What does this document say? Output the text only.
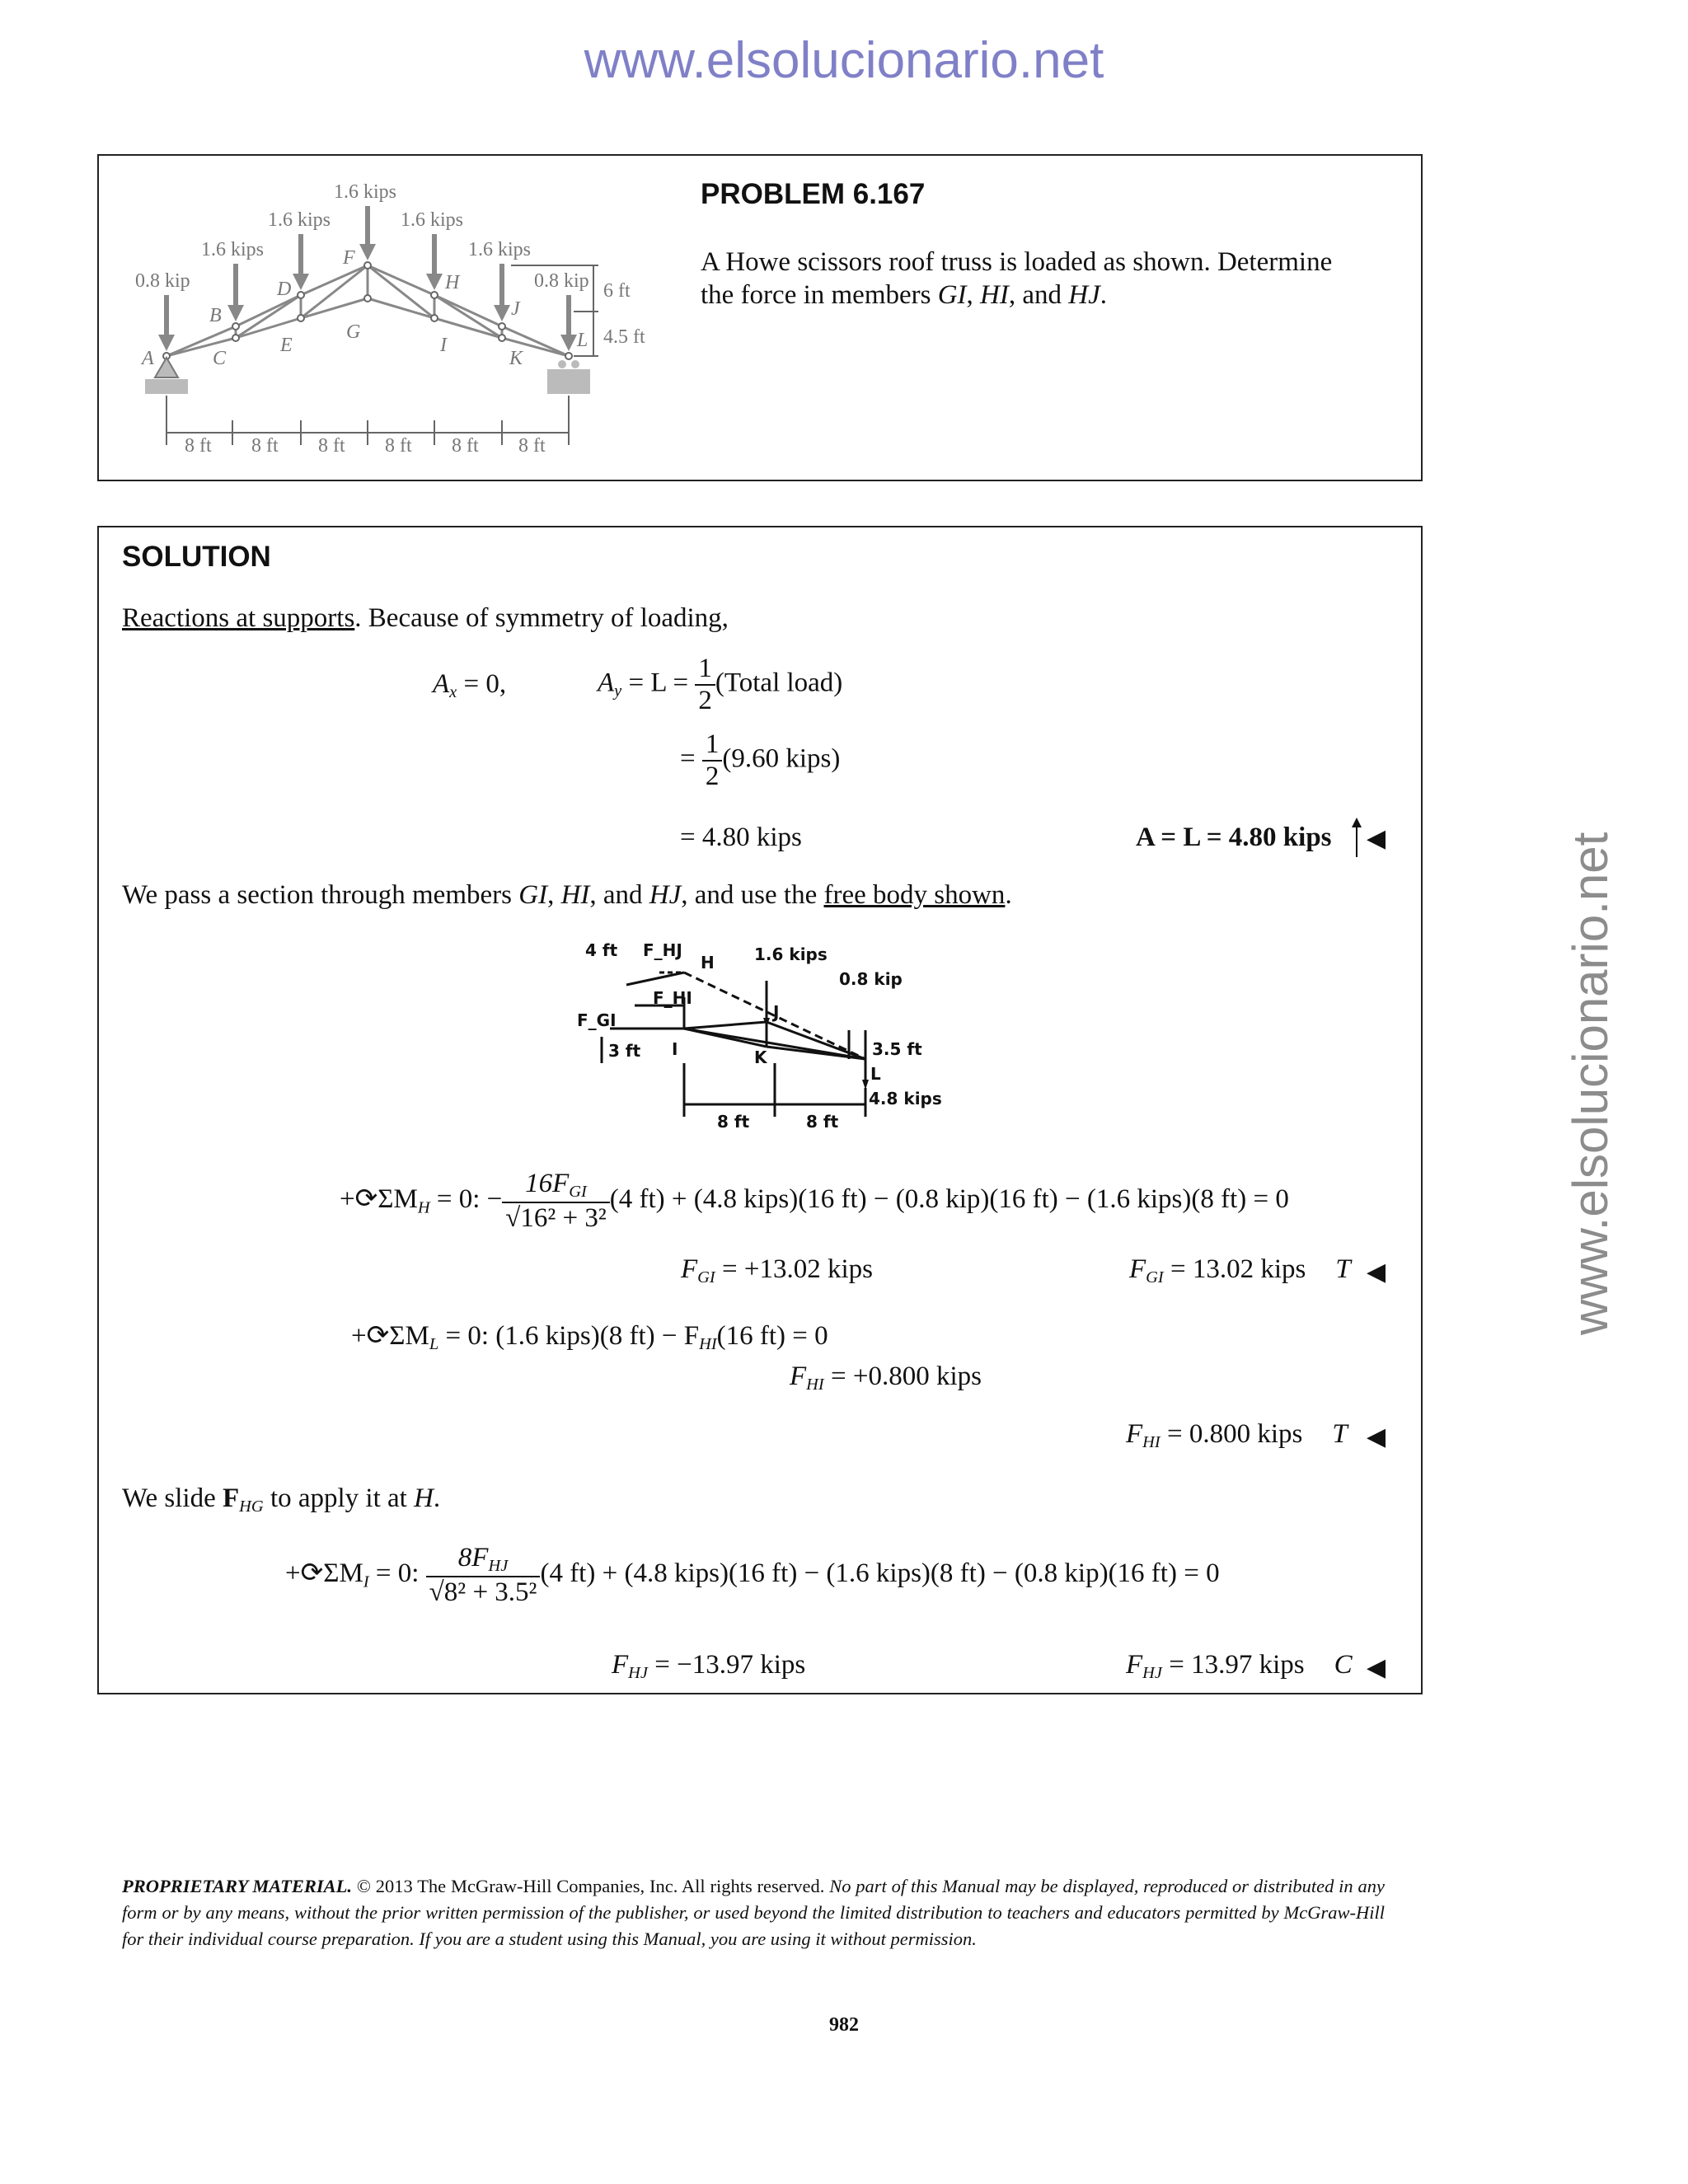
www.elsolucionario.net
www.elsolucionario.net
1.6 kips
1.6 kips	1.6 kips
1.6 kips	1.6 kips
0.8 kip	0.8 kip 6 ft
4.5 ft
A
B
C
D
E
F
G
H
I
J
K
L
8 ft 8 ft 8 ft 8 ft 8 ft 8 ft
PROBLEM 6.167
A Howe scissors roof truss is loaded as shown. Determine
the force in members GI, HI, and HJ.
SOLUTION
Reactions at supports. Because of symmetry of loading,
$A_x = 0$,	$A_y = L = \frac{1}{2}$ (Total load)
= $\frac{1}{2} (9.60$ kips)
= 4.80 kips	A = L = 4.80 kips ◀
We pass a section through members GI, HI, and HJ, and use the free body shown.
4 ft F_HJ
H 1.6 kips
0.8 kip
F_HI
F_GI	J
3 ft I	K	3.5 ft
L
4.8 kips
8 ft	8 ft
$+⟳\Sigma M_H = 0$: − $\frac{16F_{GI}}{\text{√16² + 3²}} (4$ ft) + (4.8 kips)(16 ft) − (0.8 kip)(16 ft) − (1.6 kips)(8 ft) = 0
$F_{GI} = +13.02$ kips	$F_{GI} = 13.02$ kips T ◀
$+⟳\Sigma M_L = 0$: (1.6 kips)(8 $ft) - F_{HI}(16$ ft) = 0
$F_{HI} = +0.800$ kips
$F_{HI} = 0.800$ kips T ◀
We slide $F_{HG}$ to apply it at H.
$+⟳\Sigma M_I = 0$: $\frac{8F_{HJ}}{\text{√8² + 3.5²}} (4$ ft) + (4.8 kips)(16 ft) − (1.6 kips)(8 ft) − (0.8 kip)(16 ft) = 0
$F_{HJ} = -13.97$ kips	$F_{HJ} = 13.97$ kips C ◀
PROPRIETARY MATERIAL. © 2013 The McGraw-Hill Companies, Inc. All rights reserved. No part of this Manual may be displayed, reproduced or distributed in any form or by any means, without the prior written permission of the publisher, or used beyond the limited distribution to teachers and educators permitted by McGraw-Hill for their individual course preparation. If you are a student using this Manual, you are using it without permission.
982
